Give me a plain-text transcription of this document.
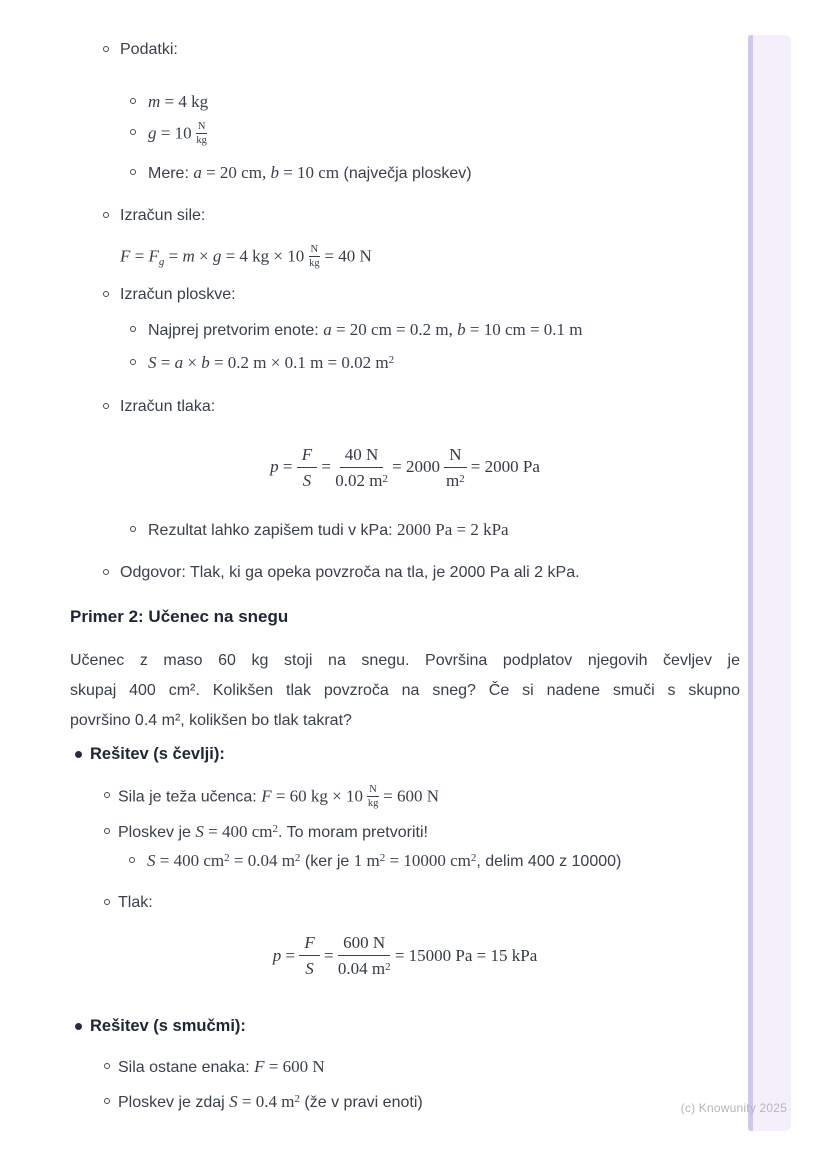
(c) Knowunity 2025
Podatki:
m = 4 kg
$g = 10 \frac{N}{kg}$
Mere: a = 20 cm, b = 10 cm (največja ploskev)
Izračun sile:
$F = F_g = m \times g = 4$ kg × $10 \frac{N}{kg} = 40$ N
Izračun ploskve:
Najprej pretvorim enote: a = 20 cm = 0.2 m, b = 10 cm = 0.1 m
S = a × b = 0.2 m × 0.1 m = 0.02 $m^2$
Izračun tlaka:
$p = \frac{F}{S} = \frac{40 N}{0.02 m^2} = 2000 \frac{N}{m^2} = 2000$ Pa
Rezultat lahko zapišem tudi v kPa: 2000 Pa = 2 kPa
Odgovor: Tlak, ki ga opeka povzroča na tla, je 2000 Pa ali 2 kPa.
Primer 2: Učenec na snegu
Učenec z maso 60 kg stoji na snegu. Površina podplatov njegovih čevljev je
skupaj 400 cm². Kolikšen tlak povzroča na sneg? Če si nadene smuči s skupno
površino 0.4 m², kolikšen bo tlak takrat?
Rešitev (s čevlji):
Sila je teža učenca: F = 60 kg × $10 \frac{N}{kg} = 600$ N
Ploskev je S = 400 $cm^2$. To moram pretvoriti!
S = 400 $cm^2 = 0.04$ $m^2$ (ker je 1 $m^2 = 10000$ $cm^2$, delim 400 z 10000)
Tlak:
$p = \frac{F}{S} = \frac{600 N}{0.04 m^2} = 15000$ Pa = 15 kPa
Rešitev (s smučmi):
Sila ostane enaka: F = 600 N
Ploskev je zdaj S = 0.4 $m^2$ (že v pravi enoti)
